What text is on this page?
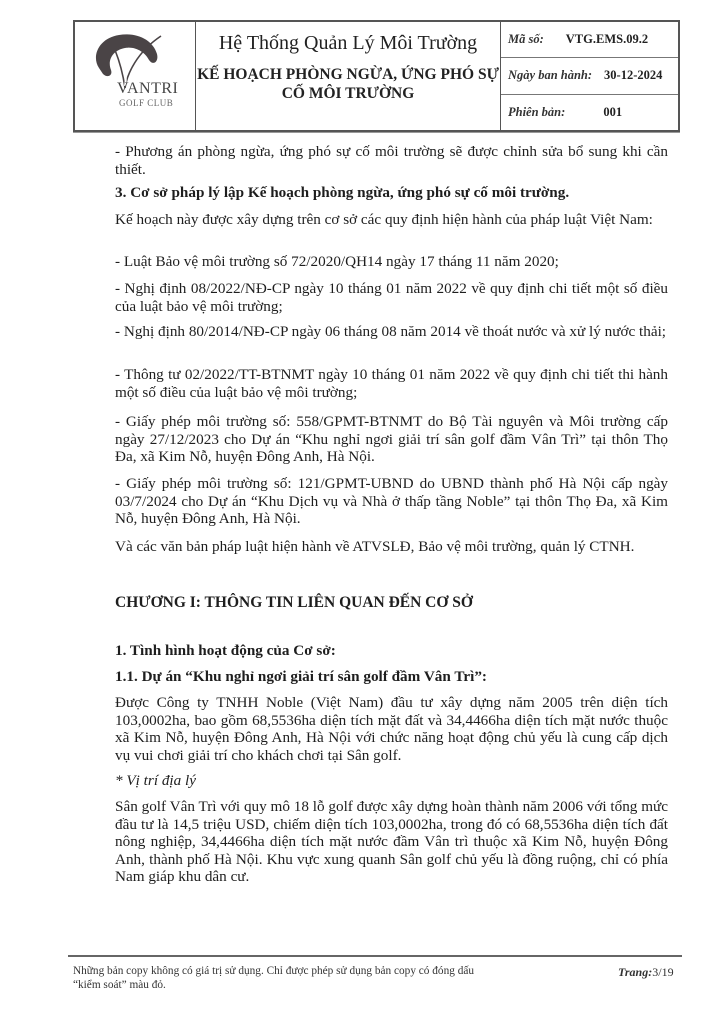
VANTRI
GOLF CLUB
Hệ Thống Quản Lý Môi Trường
KẾ HOẠCH PHÒNG NGỪA, ỨNG PHÓ SỰ CỐ MÔI TRƯỜNG
Mã số: VTG.EMS.09.2
Ngày ban hành: 30-12-2024
Phiên bản:	001
- Phương án phòng ngừa, ứng phó sự cố môi trường sẽ được chỉnh sửa bổ sung khi cần thiết.
3. Cơ sở pháp lý lập Kế hoạch phòng ngừa, ứng phó sự cố môi trường.
Kế hoạch này được xây dựng trên cơ sở các quy định hiện hành của pháp luật Việt Nam:
- Luật Bảo vệ môi trường số 72/2020/QH14 ngày 17 tháng 11 năm 2020;
- Nghị định 08/2022/NĐ-CP ngày 10 tháng 01 năm 2022 về quy định chi tiết một số điều của luật bảo vệ môi trường;
- Nghị định 80/2014/NĐ-CP ngày 06 tháng 08 năm 2014 về thoát nước và xử lý nước thải;
- Thông tư 02/2022/TT-BTNMT ngày 10 tháng 01 năm 2022 về quy định chi tiết thi hành một số điều của luật bảo vệ môi trường;
- Giấy phép môi trường số: 558/GPMT-BTNMT do Bộ Tài nguyên và Môi trường cấp ngày 27/12/2023 cho Dự án “Khu nghỉ ngơi giải trí sân golf đầm Vân Trì” tại thôn Thọ Đa, xã Kim Nỗ, huyện Đông Anh, Hà Nội.
- Giấy phép môi trường số: 121/GPMT-UBND do UBND thành phố Hà Nội cấp ngày 03/7/2024 cho Dự án “Khu Dịch vụ và Nhà ở thấp tầng Noble” tại thôn Thọ Đa, xã Kim Nỗ, huyện Đông Anh, Hà Nội.
Và các văn bản pháp luật hiện hành về ATVSLĐ, Bảo vệ môi trường, quản lý CTNH.
CHƯƠNG I: THÔNG TIN LIÊN QUAN ĐẾN CƠ SỞ
1. Tình hình hoạt động của Cơ sở:
1.1. Dự án “Khu nghỉ ngơi giải trí sân golf đầm Vân Trì”:
Được Công ty TNHH Noble (Việt Nam) đầu tư xây dựng năm 2005 trên diện tích 103,0002ha, bao gồm 68,5536ha diện tích mặt đất và 34,4466ha diện tích mặt nước thuộc xã Kim Nỗ, huyện Đông Anh, Hà Nội với chức năng hoạt động chủ yếu là cung cấp dịch vụ vui chơi giải trí cho khách chơi tại Sân golf.
* Vị trí địa lý
Sân golf Vân Trì với quy mô 18 lỗ golf được xây dựng hoàn thành năm 2006 với tổng mức đầu tư là 14,5 triệu USD, chiếm diện tích 103,0002ha, trong đó có 68,5536ha diện tích đất nông nghiệp, 34,4466ha diện tích mặt nước đầm Vân trì thuộc xã Kim Nỗ, huyện Đông Anh, thành phố Hà Nội. Khu vực xung quanh Sân golf chủ yếu là đồng ruộng, chỉ có phía Nam giáp khu dân cư.
Những bản copy không có giá trị sử dụng. Chỉ được phép sử dụng bản copy có đóng dấu “kiểm soát” màu đỏ.
Trang:3/19
